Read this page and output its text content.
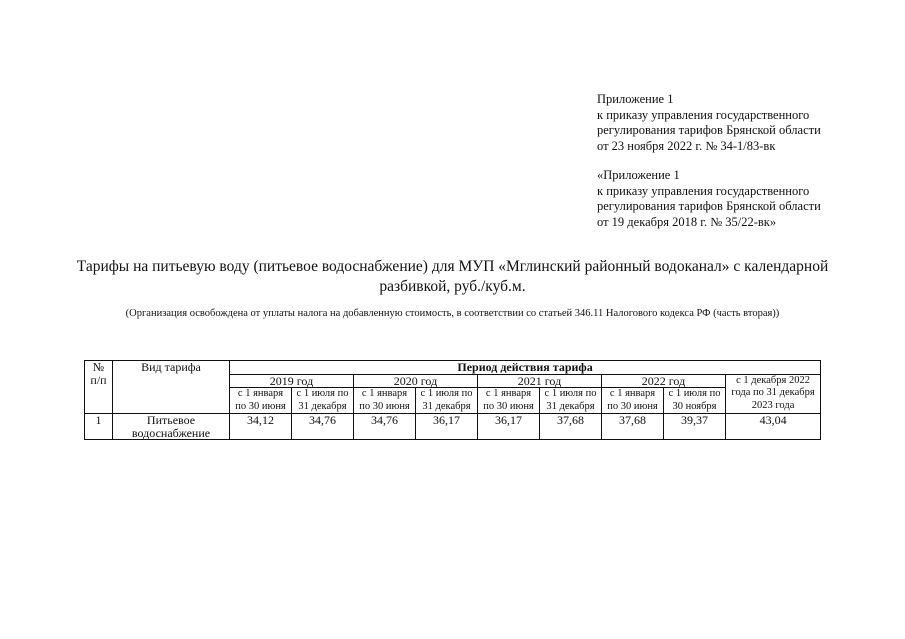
Приложение 1
к приказу управления государственного
регулирования тарифов Брянской области
от 23 ноября 2022 г. № 34-1/83-вк
«Приложение 1
к приказу управления государственного
регулирования тарифов Брянской области
от 19 декабря 2018 г. № 35/22-вк»
Тарифы на питьевую воду (питьевое водоснабжение) для МУП «Мглинский районный водоканал» с календарной
разбивкой, руб./куб.м.
(Организация освобождена от уплаты налога на добавленную стоимость, в соответствии со статьей 346.11 Налогового кодекса РФ (часть вторая))
№ п/п	Вид тарифа	Период действия тарифа								
		2019 год		2020 год		2021 год		2022 год		с 1 декабря 2022 года по 31 декабря 2023 года
		с 1 января по 30 июня	с 1 июля по 31 декабря	с 1 января по 30 июня	с 1 июля по 31 декабря	с 1 января по 30 июня	с 1 июля по 31 декабря	с 1 января по 30 июня	с 1 июля по 30 ноября	
1	Питьевое водоснабжение	34,12	34,76	34,76	36,17	36,17	37,68	37,68	39,37	43,04
